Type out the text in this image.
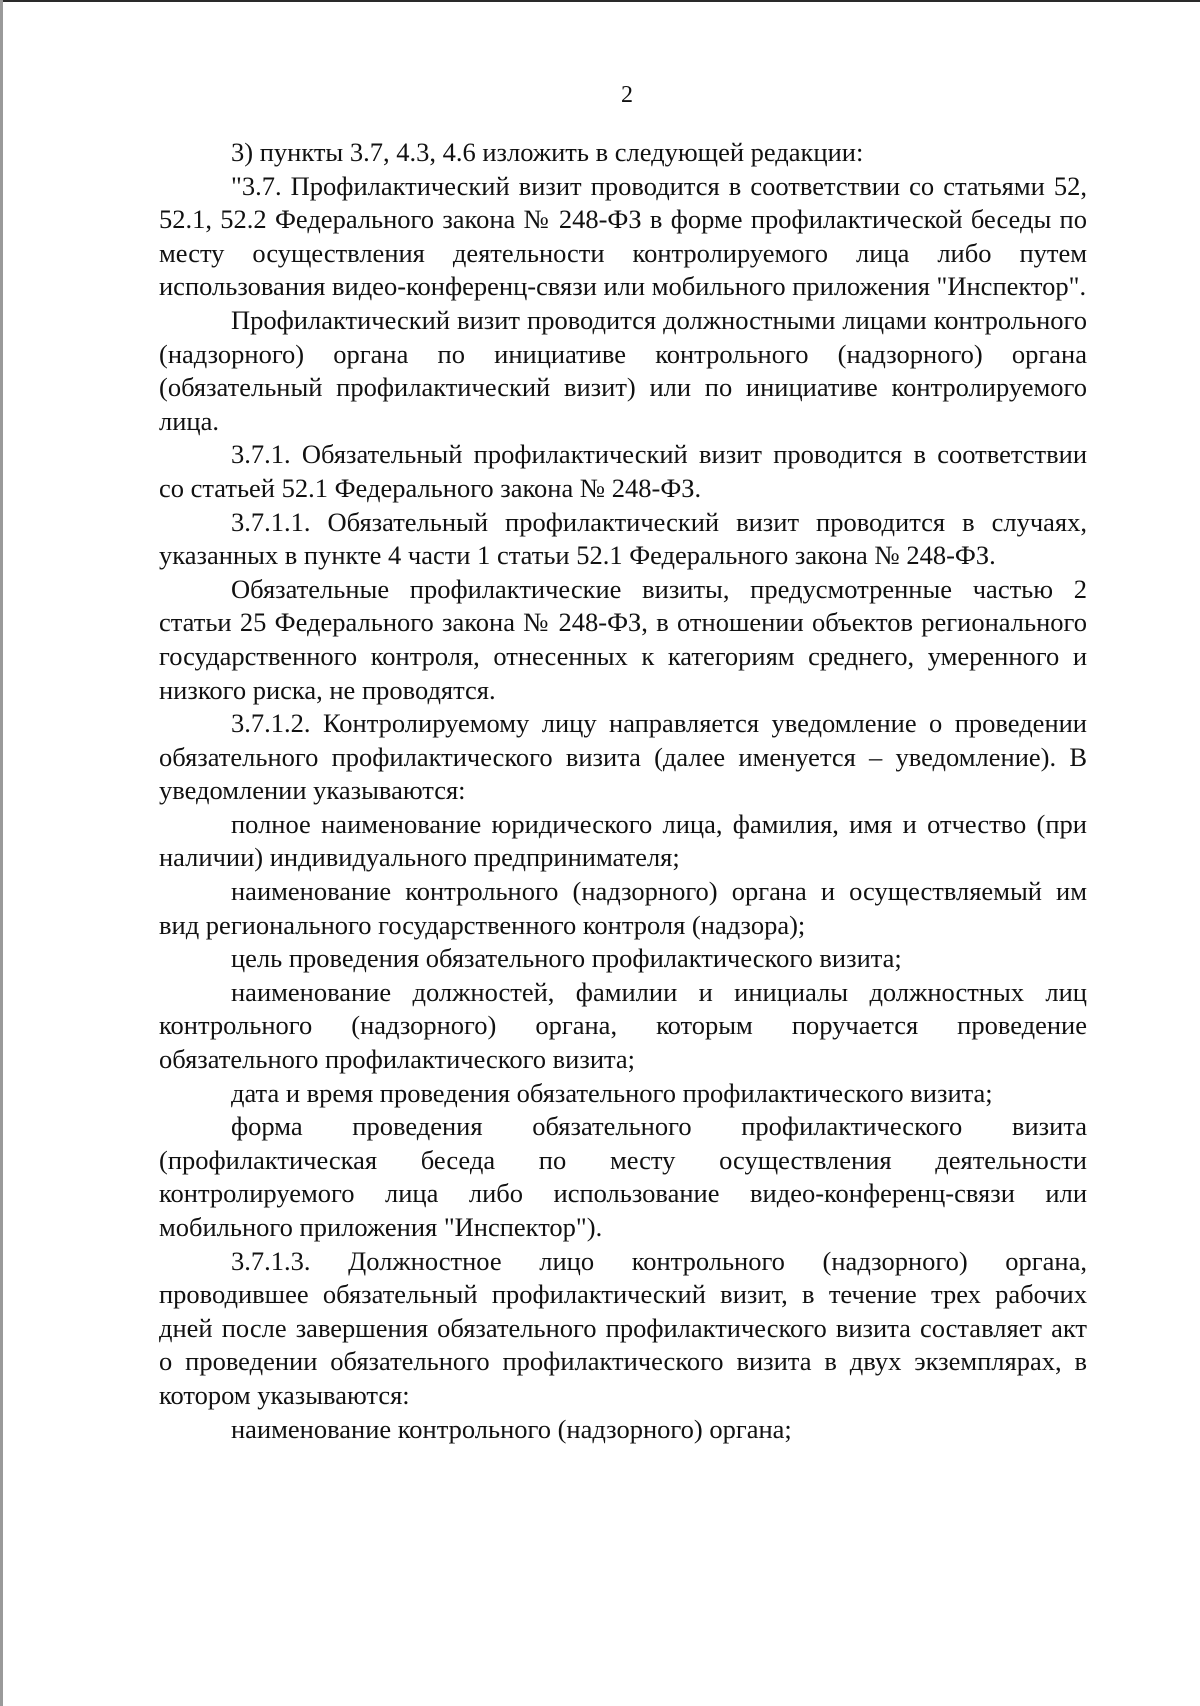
2

3) пункты 3.7, 4.3, 4.6 изложить в следующей редакции:

"3.7. Профилактический визит проводится в соответствии со статьями 52, 52.1, 52.2 Федерального закона № 248-ФЗ в форме профилактической беседы по месту осуществления деятельности контролируемого лица либо путем использования видео-конференц-связи или мобильного приложения "Инспектор".

Профилактический визит проводится должностными лицами контрольного (надзорного) органа по инициативе контрольного (надзорного) органа (обязательный профилактический визит) или по инициативе контролируемого лица.

3.7.1. Обязательный профилактический визит проводится в соответствии со статьей 52.1 Федерального закона № 248-ФЗ.

3.7.1.1. Обязательный профилактический визит проводится в случаях, указанных в пункте 4 части 1 статьи 52.1 Федерального закона № 248-ФЗ.

Обязательные профилактические визиты, предусмотренные частью 2 статьи 25 Федерального закона № 248-ФЗ, в отношении объектов регионального государственного контроля, отнесенных к категориям среднего, умеренного и низкого риска, не проводятся.

3.7.1.2. Контролируемому лицу направляется уведомление о проведении обязательного профилактического визита (далее именуется – уведомление). В уведомлении указываются:

полное наименование юридического лица, фамилия, имя и отчество (при наличии) индивидуального предпринимателя;

наименование контрольного (надзорного) органа и осуществляемый им вид регионального государственного контроля (надзора);

цель проведения обязательного профилактического визита;

наименование должностей, фамилии и инициалы должностных лиц контрольного (надзорного) органа, которым поручается проведение обязательного профилактического визита;

дата и время проведения обязательного профилактического визита;

форма проведения обязательного профилактического визита (профилактическая беседа по месту осуществления деятельности контролируемого лица либо использование видео-конференц-связи или мобильного приложения "Инспектор").

3.7.1.3. Должностное лицо контрольного (надзорного) органа, проводившее обязательный профилактический визит, в течение трех рабочих дней после завершения обязательного профилактического визита составляет акт о проведении обязательного профилактического визита в двух экземплярах, в котором указываются:

наименование контрольного (надзорного) органа;
